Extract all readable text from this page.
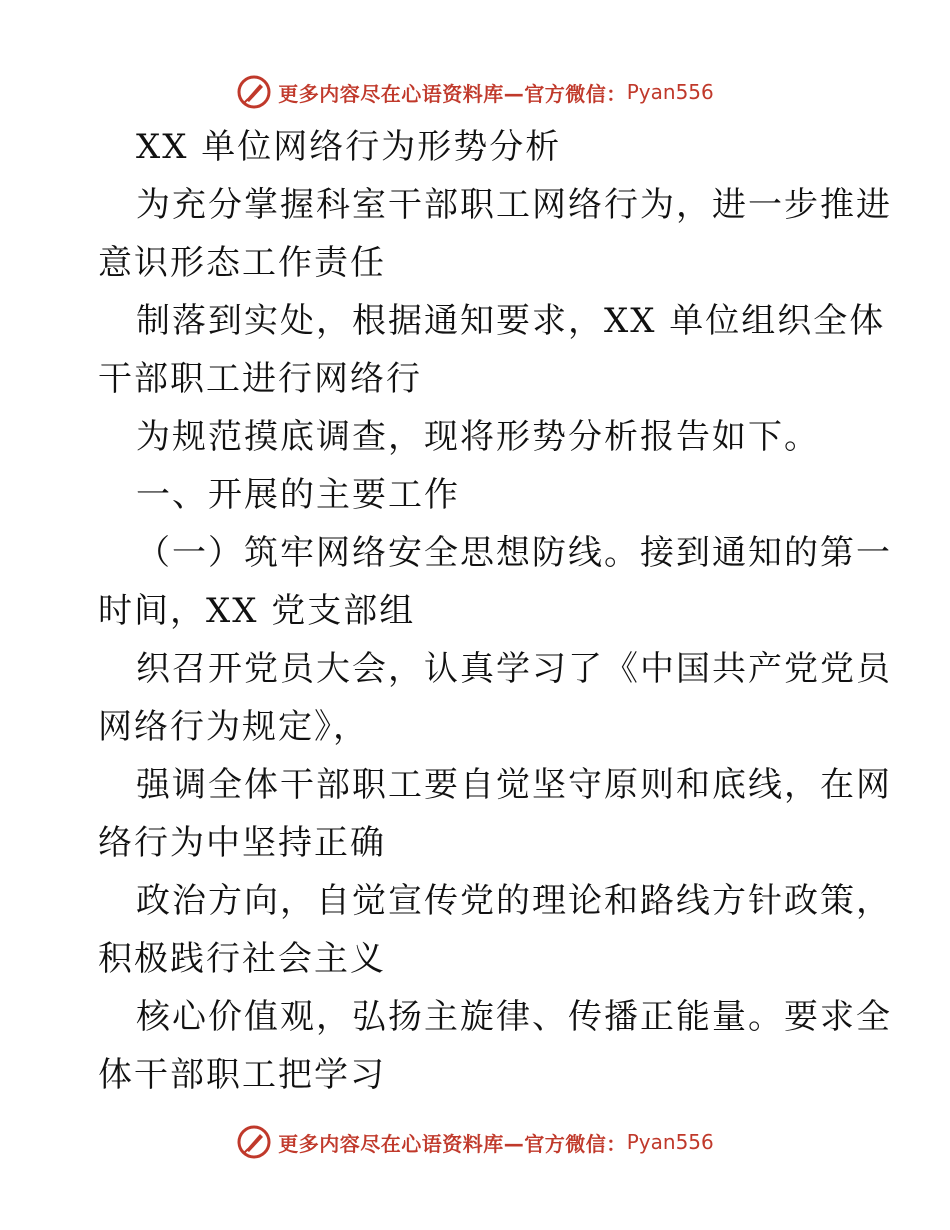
更多内容尽在心语资料库—官方微信： Pyan556
XX 单位网络行为形势分析
为充分掌握科室干部职工网络行为，进一步推进
意识形态工作责任
制落到实处，根据通知要求，XX 单位组织全体
干部职工进行网络行
为规范摸底调查，现将形势分析报告如下。
一、开展的主要工作
（一）筑牢网络安全思想防线。接到通知的第一
时间，XX 党支部组
织召开党员大会，认真学习了《中国共产党党员
网络行为规定》，
强调全体干部职工要自觉坚守原则和底线，在网
络行为中坚持正确
政治方向，自觉宣传党的理论和路线方针政策，
积极践行社会主义
核心价值观，弘扬主旋律、传播正能量。要求全
体干部职工把学习
更多内容尽在心语资料库—官方微信： Pyan556
